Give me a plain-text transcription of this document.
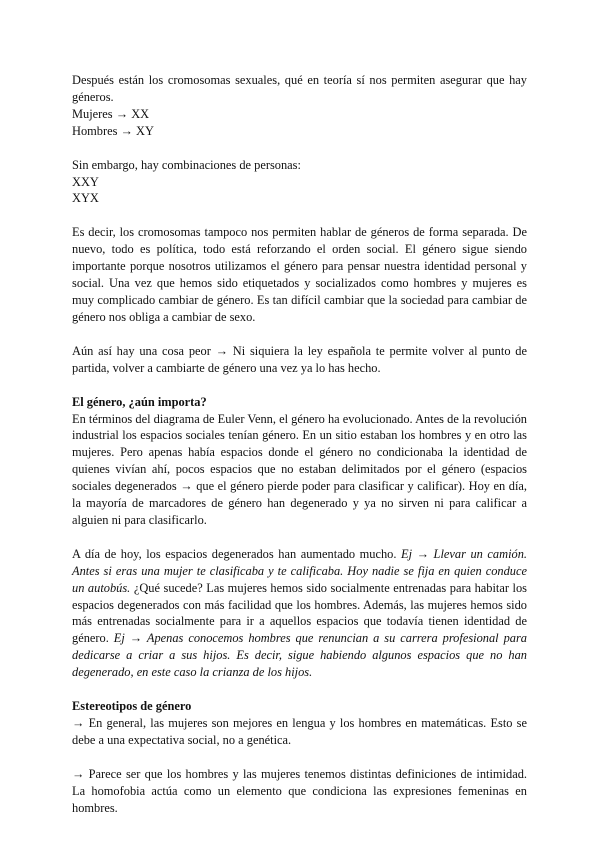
Después están los cromosomas sexuales, qué en teoría sí nos permiten asegurar que hay géneros.

Mujeres → XX

Hombres → XY

Sin embargo, hay combinaciones de personas:

XXY

XYX

Es decir, los cromosomas tampoco nos permiten hablar de géneros de forma separada. De nuevo, todo es política, todo está reforzando el orden social. El género sigue siendo importante porque nosotros utilizamos el género para pensar nuestra identidad personal y social. Una vez que hemos sido etiquetados y socializados como hombres y mujeres es muy complicado cambiar de género. Es tan difícil cambiar que la sociedad para cambiar de género nos obliga a cambiar de sexo.

Aún así hay una cosa peor → Ni siquiera la ley española te permite volver al punto de partida, volver a cambiarte de género una vez ya lo has hecho.

El género, ¿aún importa?

En términos del diagrama de Euler Venn, el género ha evolucionado. Antes de la revolución industrial los espacios sociales tenían género. En un sitio estaban los hombres y en otro las mujeres. Pero apenas había espacios donde el género no condicionaba la identidad de quienes vivían ahí, pocos espacios que no estaban delimitados por el género (espacios sociales degenerados → que el género pierde poder para clasificar y calificar). Hoy en día, la mayoría de marcadores de género han degenerado y ya no sirven ni para calificar a alguien ni para clasificarlo.

A día de hoy, los espacios degenerados han aumentado mucho. Ej → Llevar un camión. Antes si eras una mujer te clasificaba y te calificaba. Hoy nadie se fija en quien conduce un autobús. ¿Qué sucede? Las mujeres hemos sido socialmente entrenadas para habitar los espacios degenerados con más facilidad que los hombres. Además, las mujeres hemos sido más entrenadas socialmente para ir a aquellos espacios que todavía tienen identidad de género. Ej → Apenas conocemos hombres que renuncian a su carrera profesional para dedicarse a criar a sus hijos. Es decir, sigue habiendo algunos espacios que no han degenerado, en este caso la crianza de los hijos.

Estereotipos de género

→ En general, las mujeres son mejores en lengua y los hombres en matemáticas. Esto se debe a una expectativa social, no a genética.

→ Parece ser que los hombres y las mujeres tenemos distintas definiciones de intimidad. La homofobia actúa como un elemento que condiciona las expresiones femeninas en hombres.
